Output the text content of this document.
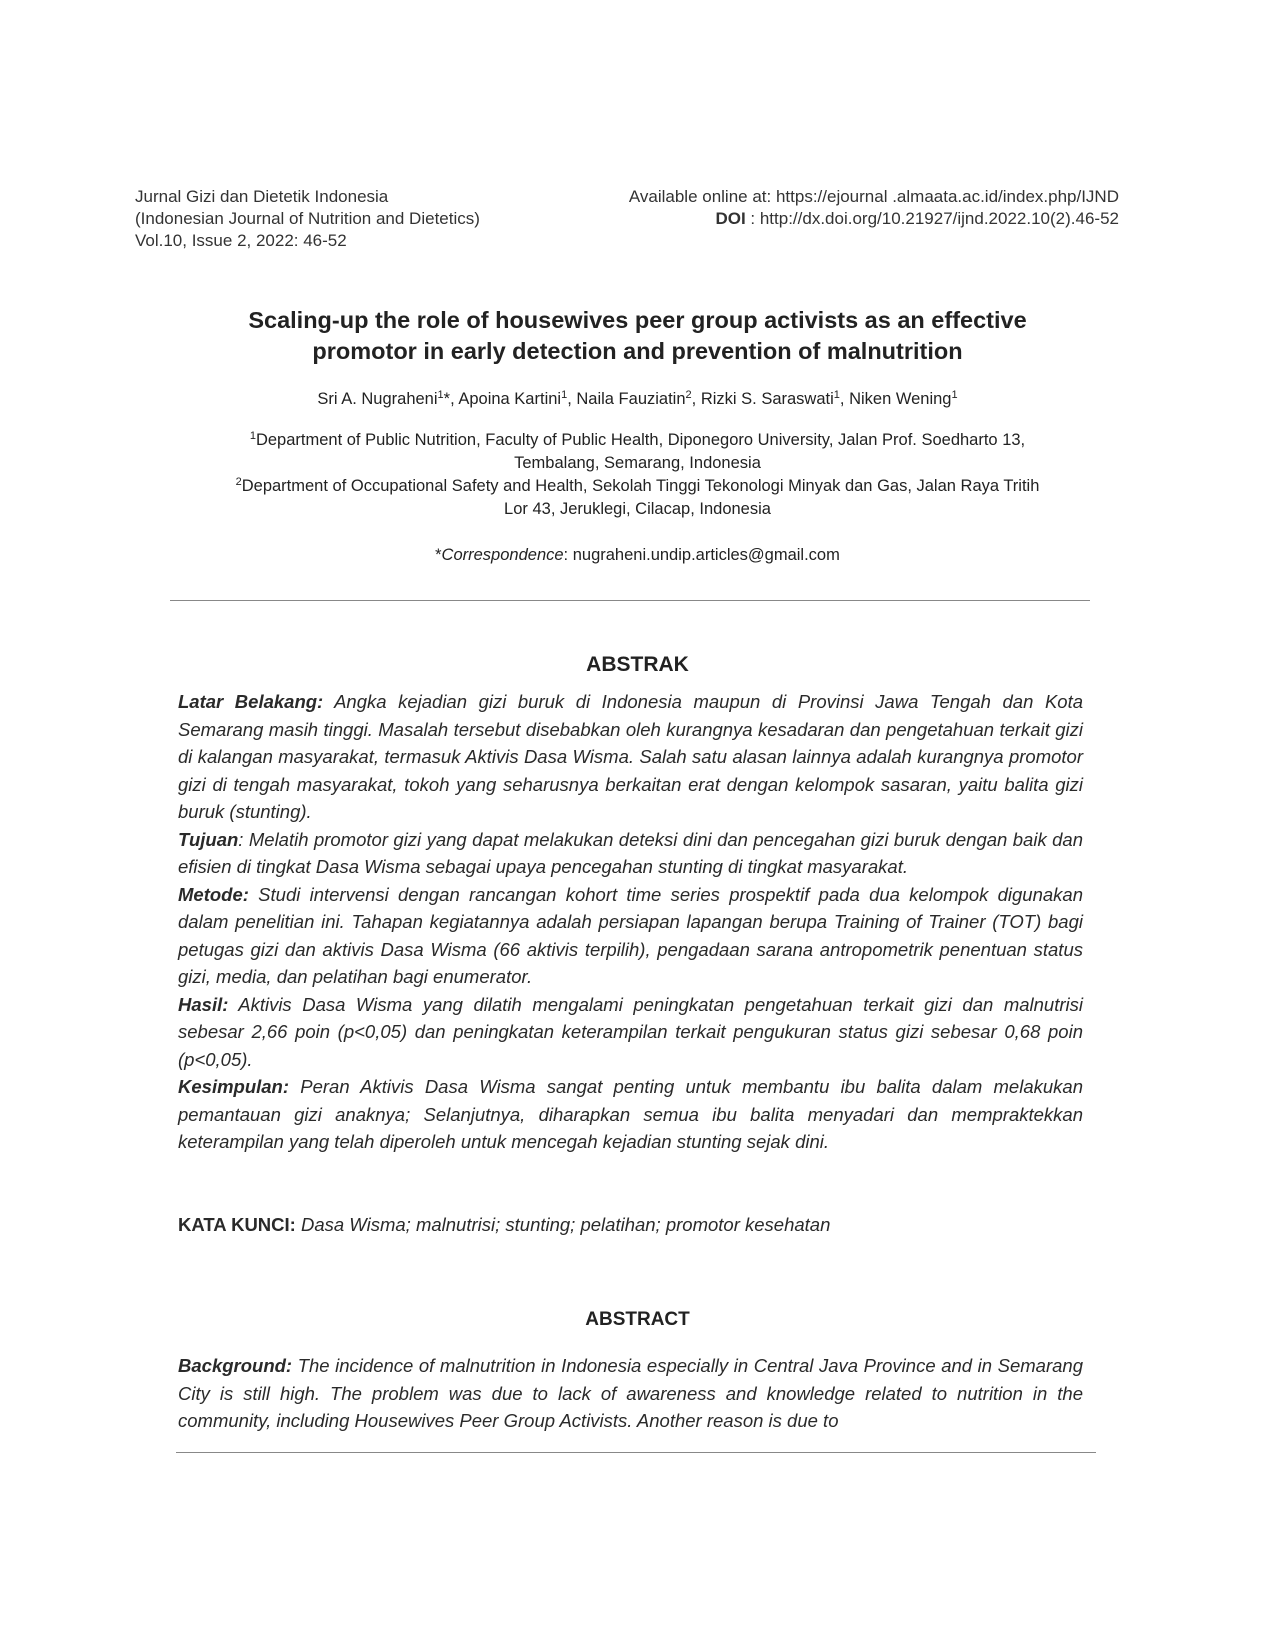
Jurnal Gizi dan Dietetik Indonesia
(Indonesian Journal of Nutrition and Dietetics)
Vol.10, Issue 2, 2022: 46-52
Available online at: https://ejournal .almaata.ac.id/index.php/IJND
DOI : http://dx.doi.org/10.21927/ijnd.2022.10(2).46-52
Scaling-up the role of housewives peer group activists as an effective
promotor in early detection and prevention of malnutrition
Sri A. Nugraheni$^1$*, Apoina Kartini$^1$, Naila Fauziatin$^2$, Rizki S. Saraswati$^1$, Niken Wening$^1$
$^1$Department of Public Nutrition, Faculty of Public Health, Diponegoro University, Jalan Prof. Soedharto 13,
Tembalang, Semarang, Indonesia
$^2$Department of Occupational Safety and Health, Sekolah Tinggi Tekonologi Minyak dan Gas, Jalan Raya Tritih
Lor 43, Jeruklegi, Cilacap, Indonesia
*Correspondence: nugraheni.undip.articles@gmail.com
ABSTRAK

Latar Belakang: Angka kejadian gizi buruk di Indonesia maupun di Provinsi Jawa Tengah dan Kota Semarang masih tinggi. Masalah tersebut disebabkan oleh kurangnya kesadaran dan pengetahuan terkait gizi di kalangan masyarakat, termasuk Aktivis Dasa Wisma. Salah satu alasan lainnya adalah kurangnya promotor gizi di tengah masyarakat, tokoh yang seharusnya berkaitan erat dengan kelompok sasaran, yaitu balita gizi buruk (stunting).

Tujuan: Melatih promotor gizi yang dapat melakukan deteksi dini dan pencegahan gizi buruk dengan baik dan efisien di tingkat Dasa Wisma sebagai upaya pencegahan stunting di tingkat masyarakat.

Metode: Studi intervensi dengan rancangan kohort time series prospektif pada dua kelompok digunakan dalam penelitian ini. Tahapan kegiatannya adalah persiapan lapangan berupa Training of Trainer (TOT) bagi petugas gizi dan aktivis Dasa Wisma (66 aktivis terpilih), pengadaan sarana antropometrik penentuan status gizi, media, dan pelatihan bagi enumerator.

Hasil: Aktivis Dasa Wisma yang dilatih mengalami peningkatan pengetahuan terkait gizi dan malnutrisi sebesar 2,66 poin (p<0,05) dan peningkatan keterampilan terkait pengukuran status gizi sebesar 0,68 poin (p<0,05).

Kesimpulan: Peran Aktivis Dasa Wisma sangat penting untuk membantu ibu balita dalam melakukan pemantauan gizi anaknya; Selanjutnya, diharapkan semua ibu balita menyadari dan mempraktekkan keterampilan yang telah diperoleh untuk mencegah kejadian stunting sejak dini.

KATA KUNCI: Dasa Wisma; malnutrisi; stunting; pelatihan; promotor kesehatan
ABSTRACT

Background: The incidence of malnutrition in Indonesia especially in Central Java Province and in Semarang City is still high. The problem was due to lack of awareness and knowledge related to nutrition in the community, including Housewives Peer Group Activists. Another reason is due to
